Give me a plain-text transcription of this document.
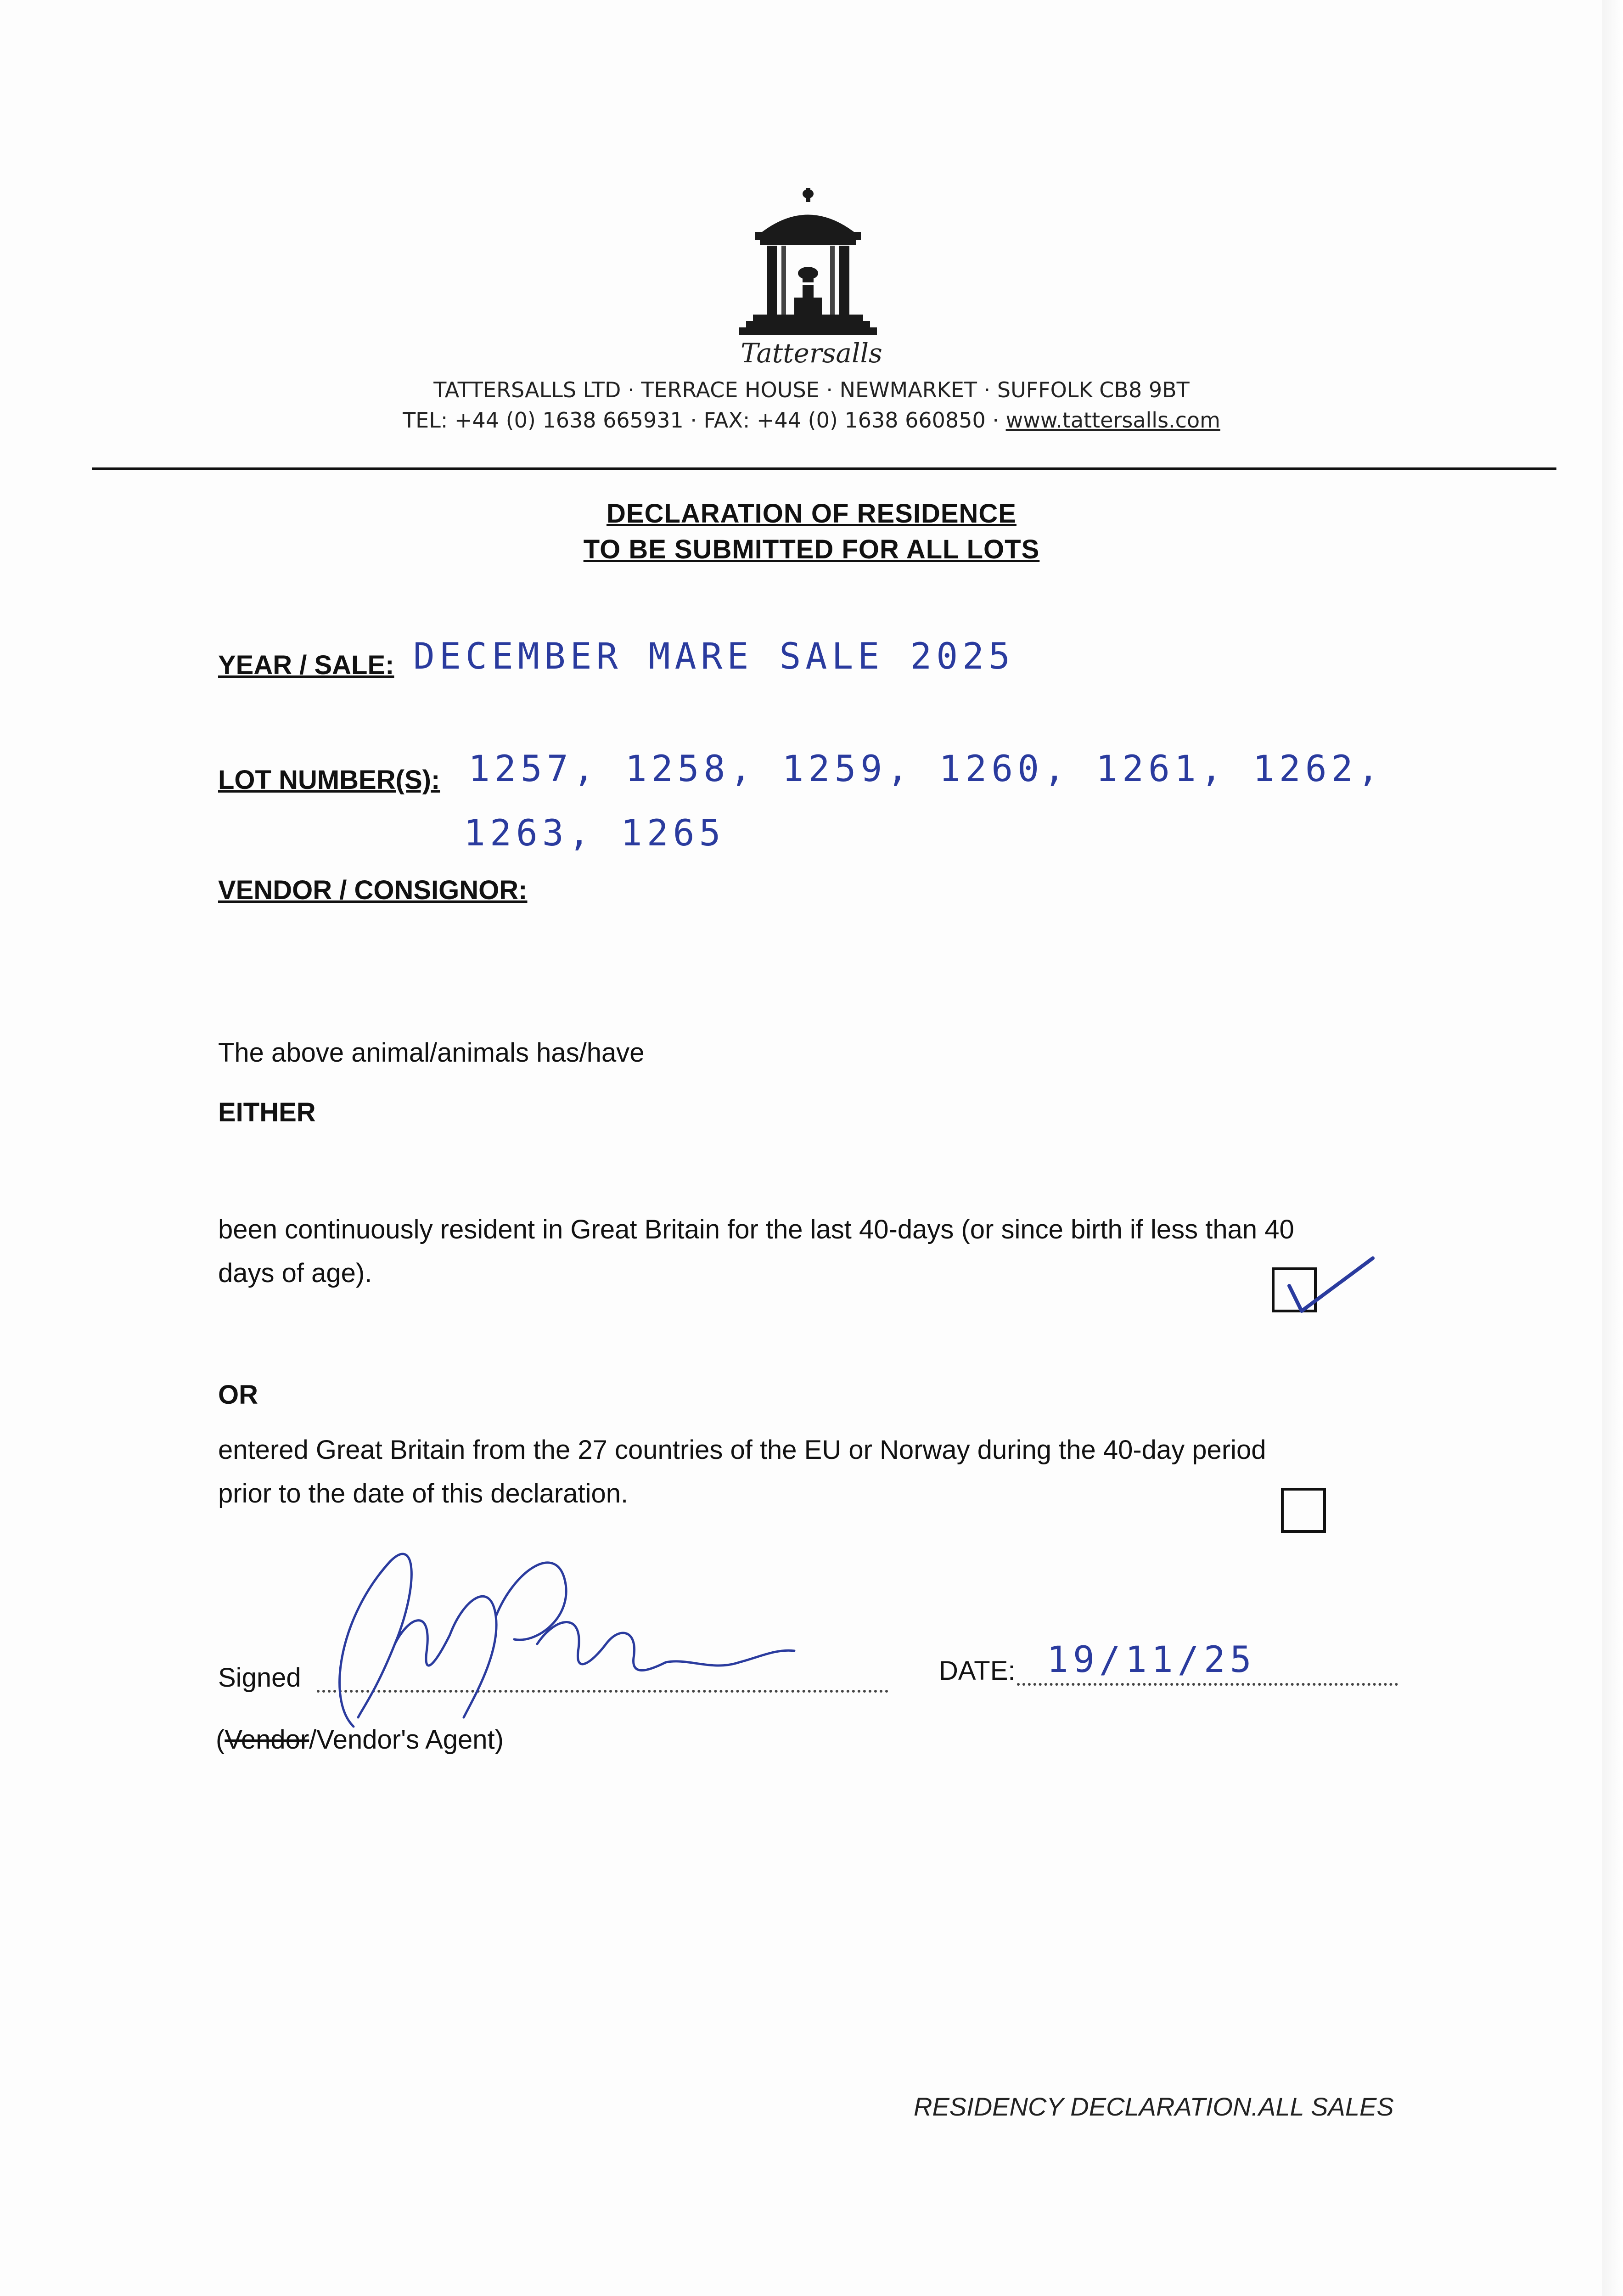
Tattersalls
TATTERSALLS LTD · TERRACE HOUSE · NEWMARKET · SUFFOLK CB8 9BT
TEL: +44 (0) 1638 665931 · FAX: +44 (0) 1638 660850 · www.tattersalls.com
DECLARATION OF RESIDENCE
TO BE SUBMITTED FOR ALL LOTS
YEAR / SALE: DECEMBER MARE SALE 2025
LOT NUMBER(S): 1257, 1258, 1259, 1260, 1261, 1262,
1263, 1265
VENDOR / CONSIGNOR:
The above animal/animals has/have
EITHER
been continuously resident in Great Britain for the last 40-days (or since birth if less than 40
days of age).
OR
entered Great Britain from the 27 countries of the EU or Norway during the 40-day period
prior to the date of this declaration.
Signed	DATE: 19/11/25
(Vendor/Vendor's Agent)
RESIDENCY DECLARATION.ALL SALES
